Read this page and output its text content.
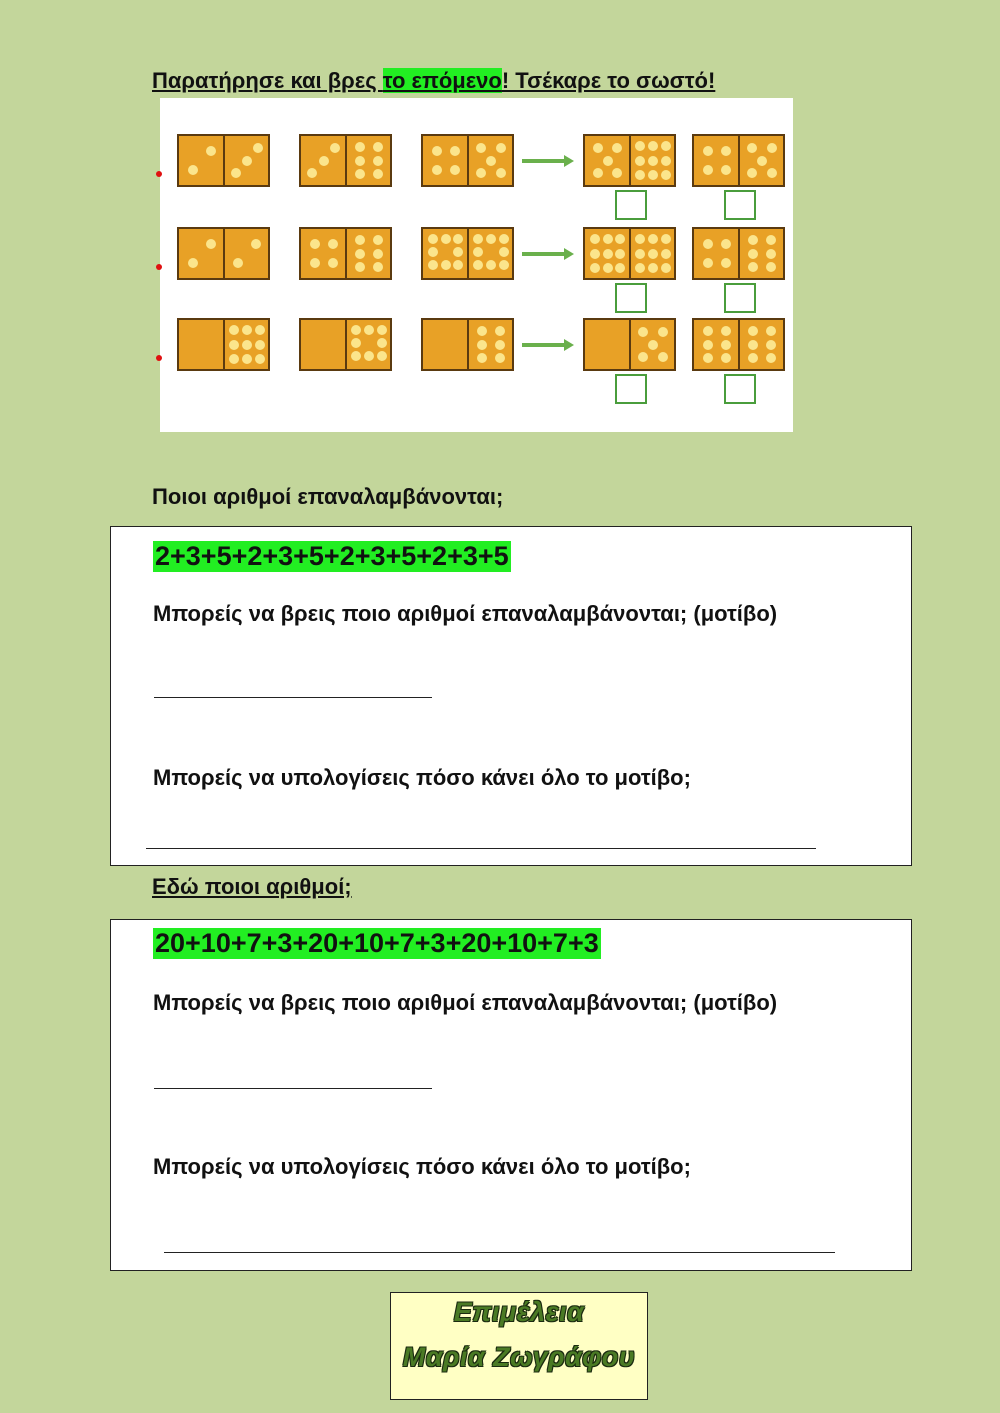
Παρατήρησε και βρες το επόμενο! Τσέκαρε το σωστό!
Ποιοι αριθμοί επαναλαμβάνονται;
2+3+5+2+3+5+2+3+5+2+3+5
Μπορείς να βρεις ποιο αριθμοί επαναλαμβάνονται; (μοτίβο)
Μπορείς να υπολογίσεις πόσο κάνει όλο το μοτίβο;
Εδώ ποιοι αριθμοί;
20+10+7+3+20+10+7+3+20+10+7+3
Μπορείς να βρεις ποιο αριθμοί επαναλαμβάνονται; (μοτίβο)
Μπορείς να υπολογίσεις πόσο κάνει όλο το μοτίβο;
Επιμέλεια
Μαρία Ζωγράφου
